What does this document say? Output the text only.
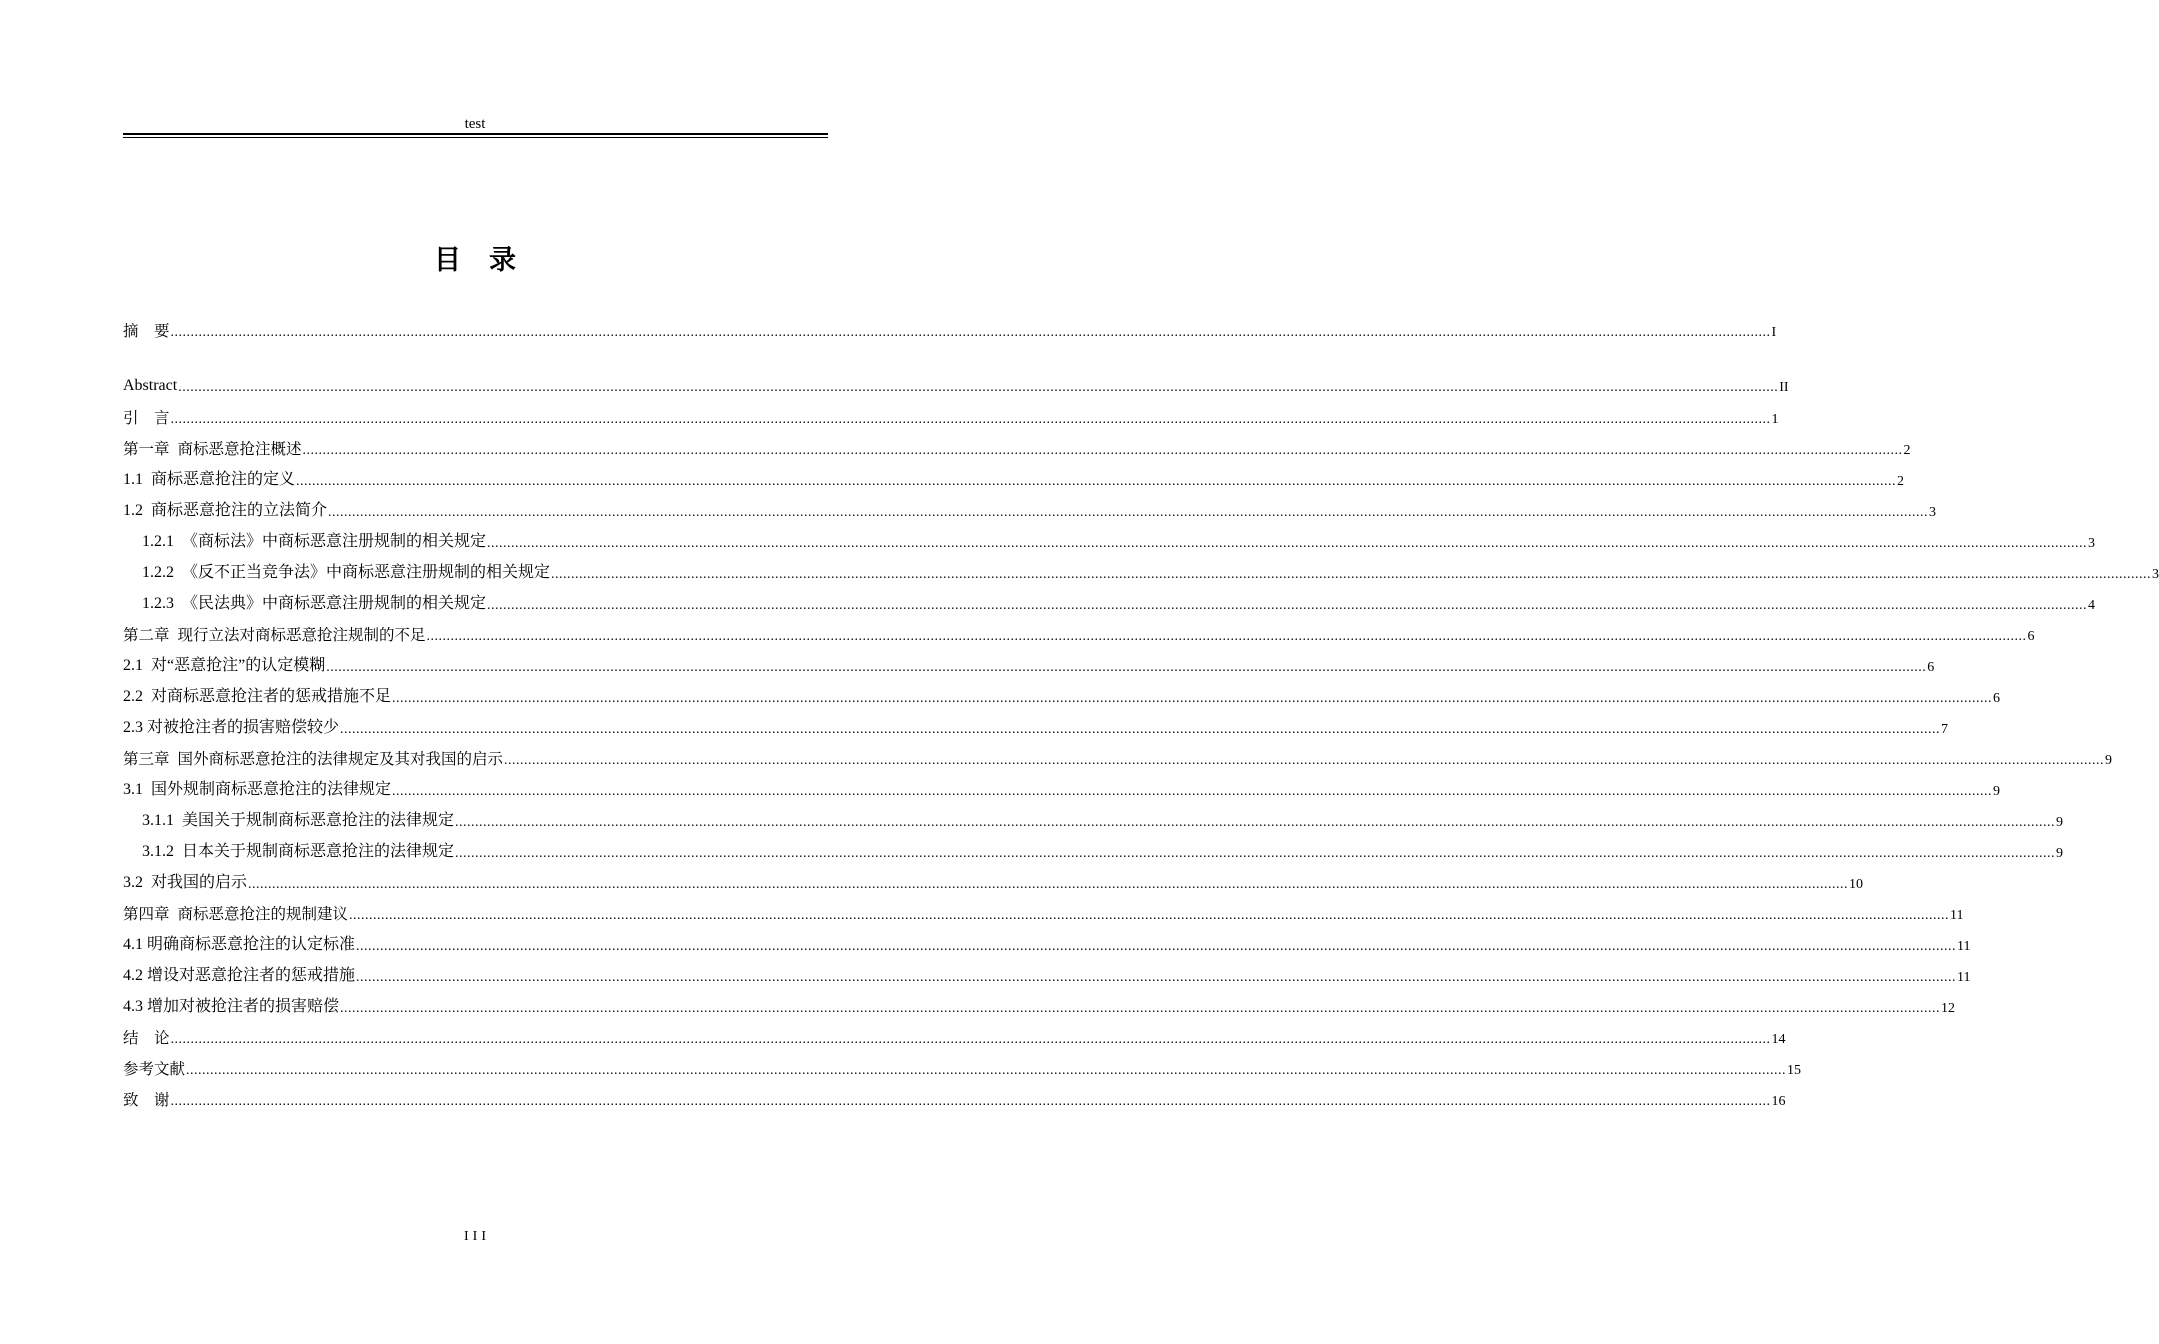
test
目录
摘　要 ................................................................................................................................................................................................................................................................................................................................................................................................................ I
Abstract ................................................................................................................................................................................................................................................................................................................................................................................................................ II
引　言 ................................................................................................................................................................................................................................................................................................................................................................................................................ 1
第一章 商标恶意抢注概述 ................................................................................................................................................................................................................................................................................................................................................................................................................ 2
1.1 商标恶意抢注的定义 ................................................................................................................................................................................................................................................................................................................................................................................................................ 2
1.2 商标恶意抢注的立法简介 ................................................................................................................................................................................................................................................................................................................................................................................................................ 3
1.2.1 《商标法》中商标恶意注册规制的相关规定 ................................................................................................................................................................................................................................................................................................................................................................................................................ 3
1.2.2 《反不正当竞争法》中商标恶意注册规制的相关规定 ................................................................................................................................................................................................................................................................................................................................................................................................................ 3
1.2.3 《民法典》中商标恶意注册规制的相关规定 ................................................................................................................................................................................................................................................................................................................................................................................................................ 4
第二章 现行立法对商标恶意抢注规制的不足 ................................................................................................................................................................................................................................................................................................................................................................................................................ 6
2.1 对“恶意抢注”的认定模糊 ................................................................................................................................................................................................................................................................................................................................................................................................................ 6
2.2 对商标恶意抢注者的惩戒措施不足 ................................................................................................................................................................................................................................................................................................................................................................................................................ 6
2.3 对被抢注者的损害赔偿较少 ................................................................................................................................................................................................................................................................................................................................................................................................................ 7
第三章 国外商标恶意抢注的法律规定及其对我国的启示 ................................................................................................................................................................................................................................................................................................................................................................................................................ 9
3.1 国外规制商标恶意抢注的法律规定 ................................................................................................................................................................................................................................................................................................................................................................................................................ 9
3.1.1 美国关于规制商标恶意抢注的法律规定 ................................................................................................................................................................................................................................................................................................................................................................................................................ 9
3.1.2 日本关于规制商标恶意抢注的法律规定 ................................................................................................................................................................................................................................................................................................................................................................................................................ 9
3.2 对我国的启示 ................................................................................................................................................................................................................................................................................................................................................................................................................ 10
第四章 商标恶意抢注的规制建议 ................................................................................................................................................................................................................................................................................................................................................................................................................ 11
4.1 明确商标恶意抢注的认定标准 ................................................................................................................................................................................................................................................................................................................................................................................................................ 11
4.2 增设对恶意抢注者的惩戒措施 ................................................................................................................................................................................................................................................................................................................................................................................................................ 11
4.3 增加对被抢注者的损害赔偿 ................................................................................................................................................................................................................................................................................................................................................................................................................ 12
结　论 ................................................................................................................................................................................................................................................................................................................................................................................................................ 14
参考文献 ................................................................................................................................................................................................................................................................................................................................................................................................................ 15
致　谢 ................................................................................................................................................................................................................................................................................................................................................................................................................ 16
III
